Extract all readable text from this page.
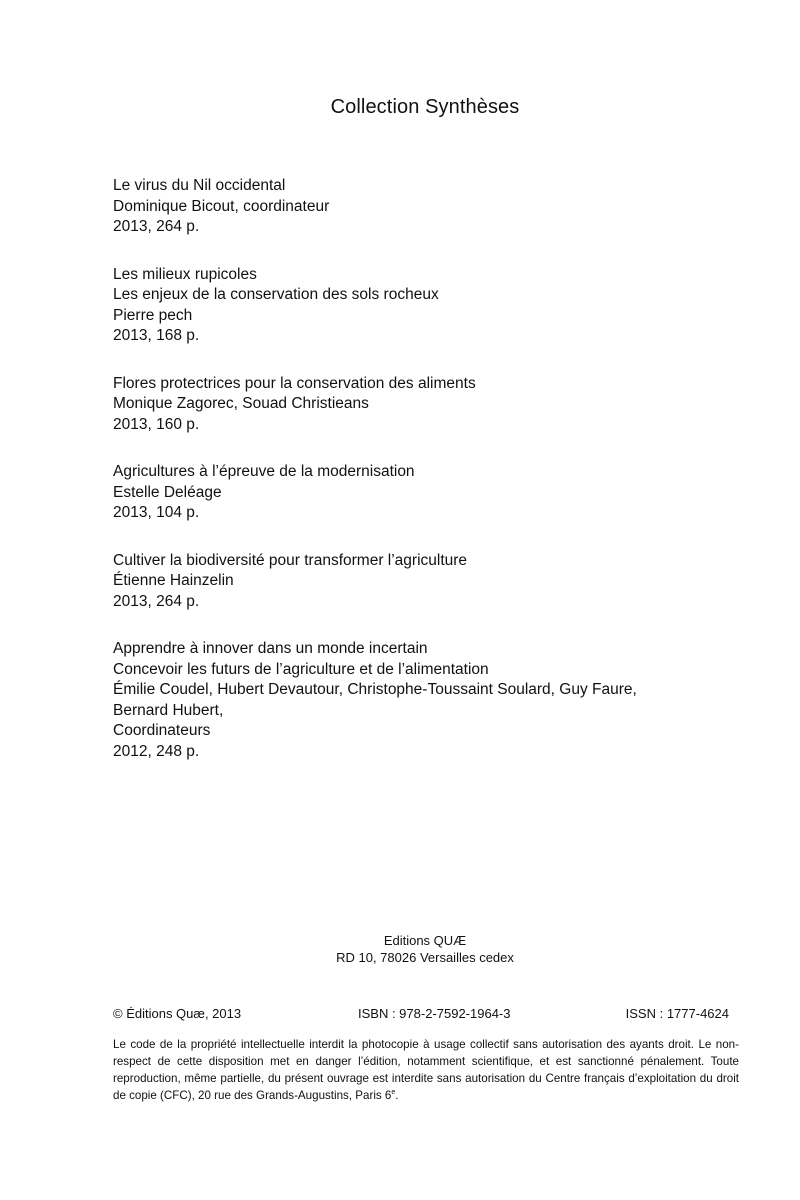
Collection Synthèses
Le virus du Nil occidental
Dominique Bicout, coordinateur
2013, 264 p.
Les milieux rupicoles
Les enjeux de la conservation des sols rocheux
Pierre pech
2013, 168 p.
Flores protectrices pour la conservation des aliments
Monique Zagorec, Souad Christieans
2013, 160 p.
Agricultures à l’épreuve de la modernisation
Estelle Deléage
2013, 104 p.
Cultiver la biodiversité pour transformer l’agriculture
Étienne Hainzelin
2013, 264 p.
Apprendre à innover dans un monde incertain
Concevoir les futurs de l’agriculture et de l’alimentation
Émilie Coudel, Hubert Devautour, Christophe-Toussaint Soulard, Guy Faure,
Bernard Hubert,
Coordinateurs
2012, 248 p.
Editions QUÆ
RD 10, 78026 Versailles cedex
© Éditions Quæ, 2013	ISBN : 978-2-7592-1964-3	ISSN : 1777-4624
Le code de la propriété intellectuelle interdit la photocopie à usage collectif sans autorisation des ayants droit. Le non-respect de cette disposition met en danger l’édition, notamment scientifique, et est sanctionné pénalement. Toute reproduction, même partielle, du présent ouvrage est interdite sans autorisation du Centre français d’exploitation du droit de copie (CFC), 20 rue des Grands-Augustins, Paris 6e.
